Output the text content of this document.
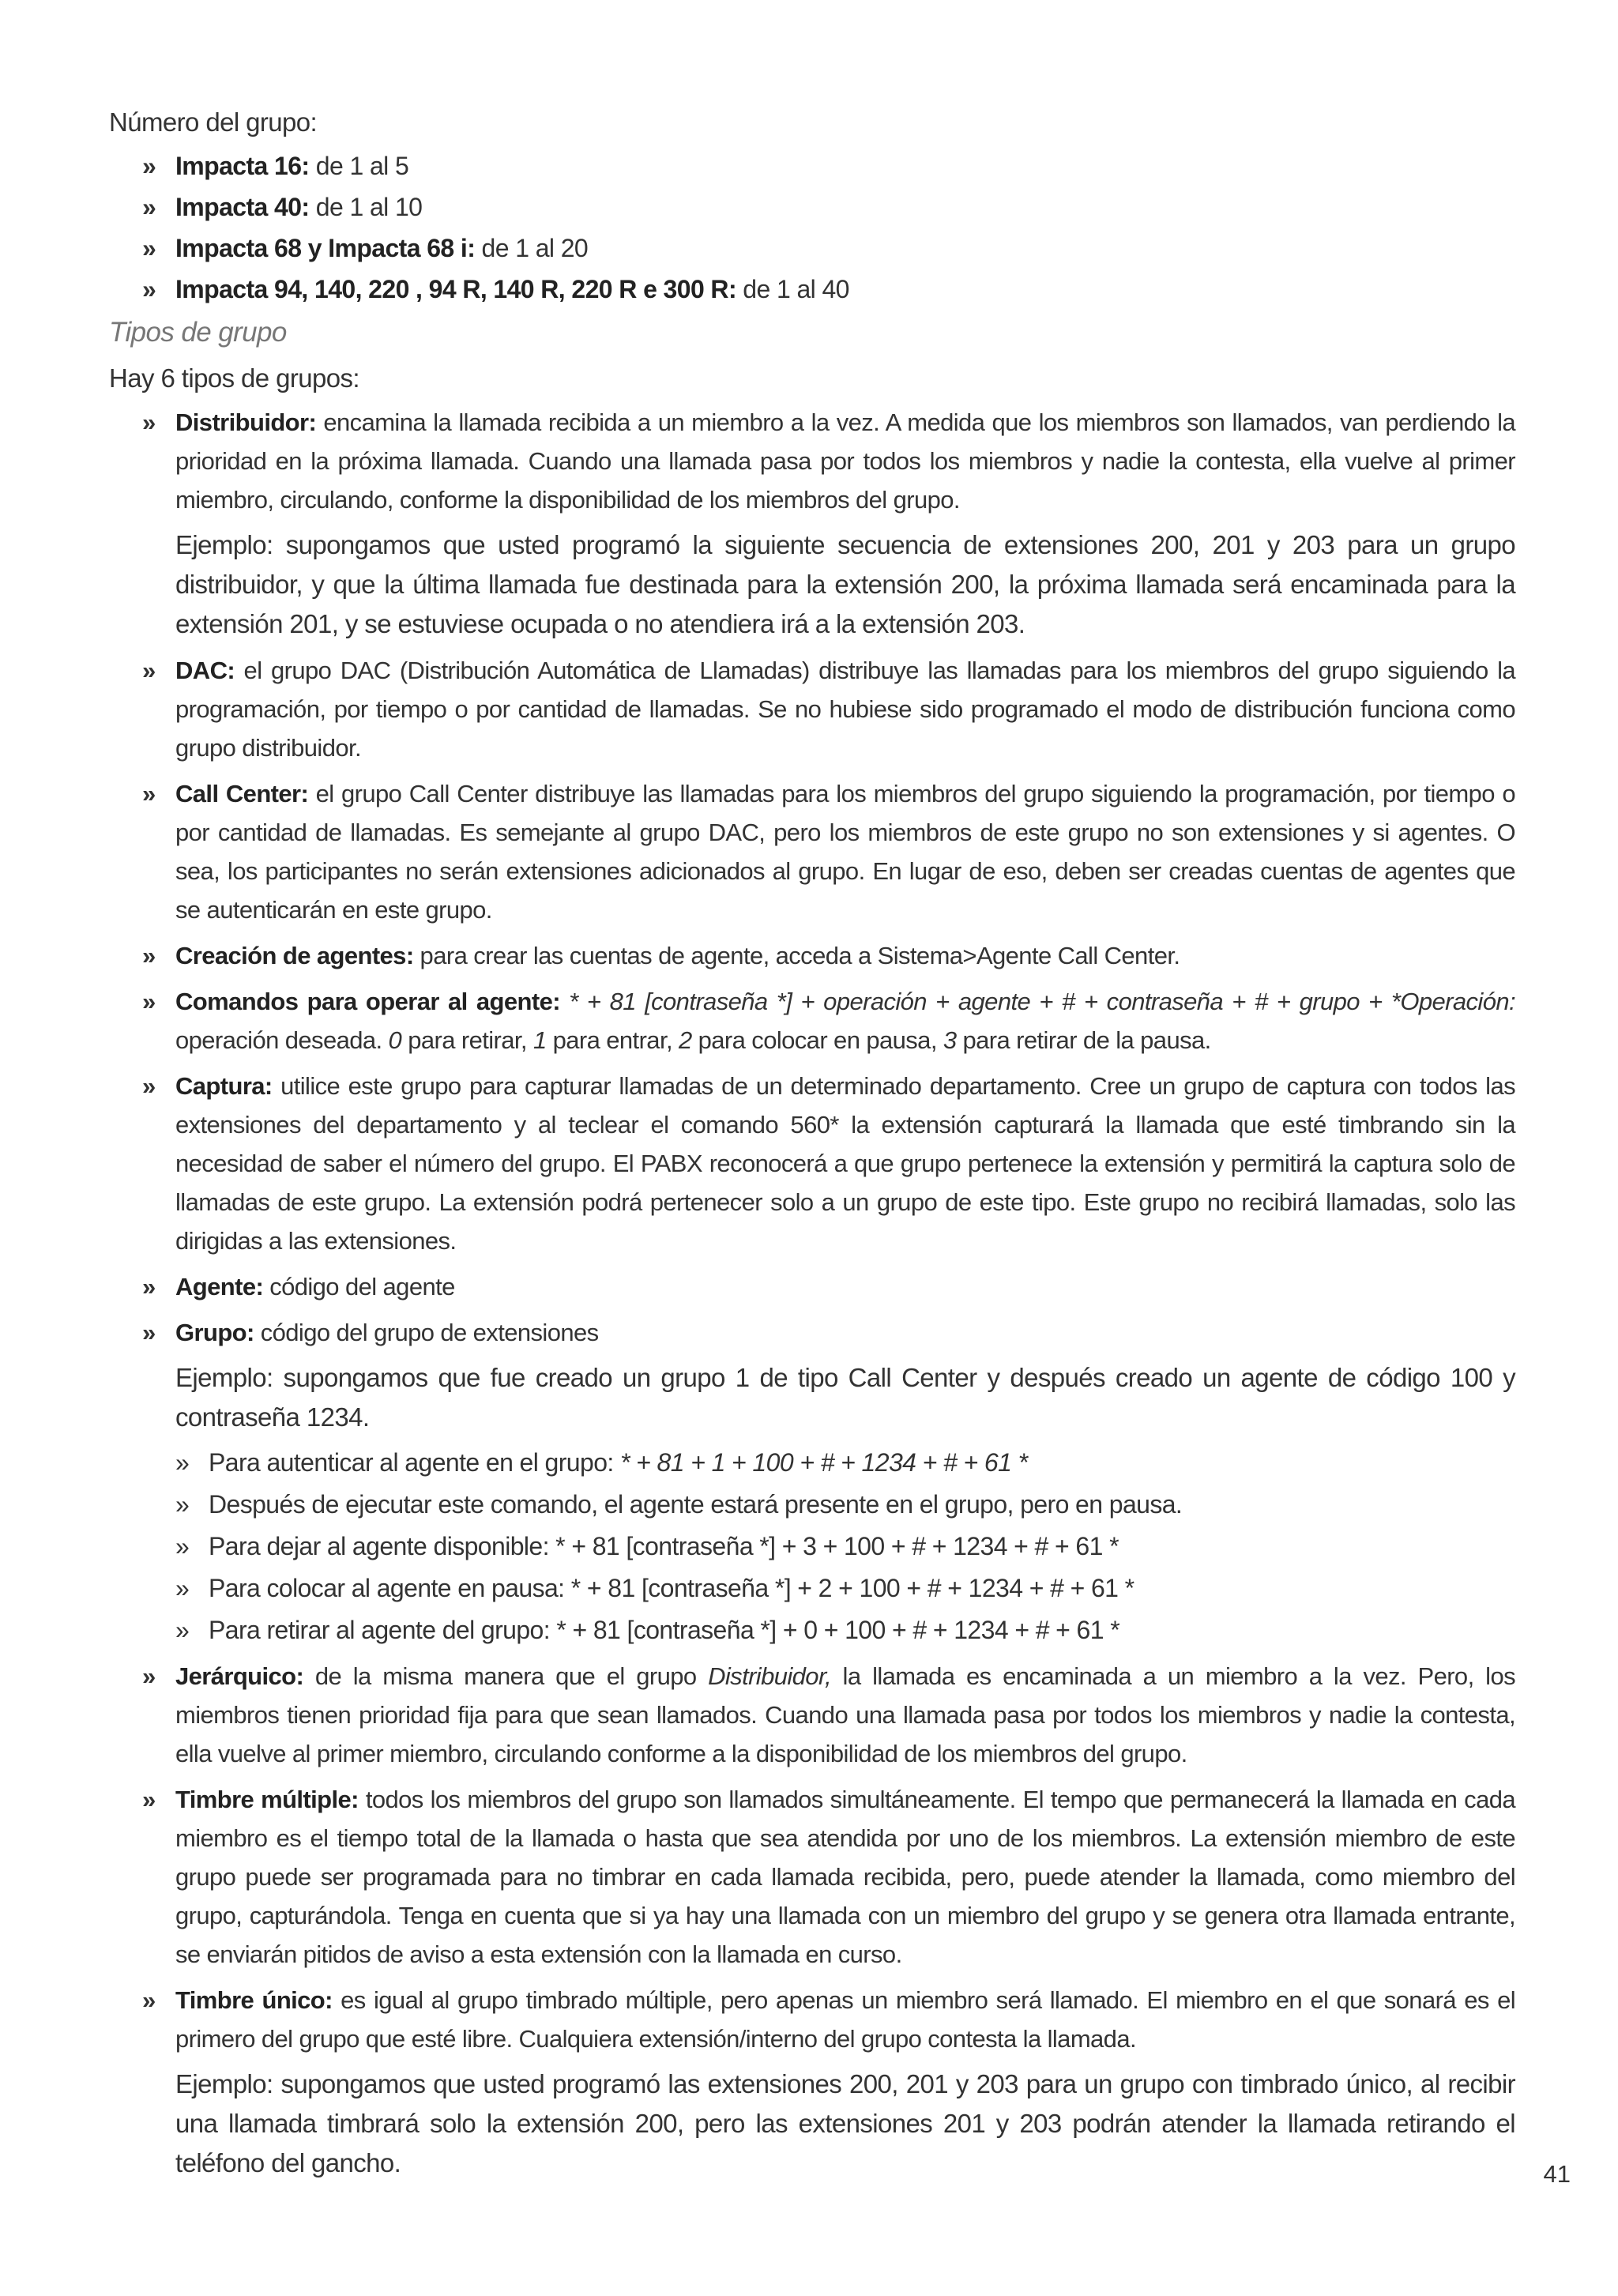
Número del grupo:

» Impacta 16: de 1 al 5
» Impacta 40: de 1 al 10
» Impacta 68 y Impacta 68 i: de 1 al 20
» Impacta 94, 140, 220 , 94 R, 140 R, 220 R e 300 R: de 1 al 40

Tipos de grupo

Hay 6 tipos de grupos:

» Distribuidor: encamina la llamada recibida a un miembro a la vez. A medida que los miembros son llamados, van perdiendo la prioridad en la próxima llamada. Cuando una llamada pasa por todos los miembros y nadie la contesta, ella vuelve al primer miembro, circulando, conforme la disponibilidad de los miembros del grupo.
Ejemplo: supongamos que usted programó la siguiente secuencia de extensiones 200, 201 y 203 para un grupo distribuidor, y que la última llamada fue destinada para la extensión 200, la próxima llamada será encaminada para la extensión 201, y se estuviese ocupada o no atendiera irá a la extensión 203.
» DAC: el grupo DAC (Distribución Automática de Llamadas) distribuye las llamadas para los miembros del grupo siguiendo la programación, por tiempo o por cantidad de llamadas. Se no hubiese sido programado el modo de distribución funciona como grupo distribuidor.
» Call Center: el grupo Call Center distribuye las llamadas para los miembros del grupo siguiendo la programación, por tiempo o por cantidad de llamadas. Es semejante al grupo DAC, pero los miembros de este grupo no son extensiones y si agentes. O sea, los participantes no serán extensiones adicionados al grupo. En lugar de eso, deben ser creadas cuentas de agentes que se autenticarán en este grupo.
» Creación de agentes: para crear las cuentas de agente, acceda a Sistema>Agente Call Center.
» Comandos para operar al agente: * + 81 [contraseña *] + operación + agente + # + contraseña + # + grupo + *Operación: operación deseada. 0 para retirar, 1 para entrar, 2 para colocar en pausa, 3 para retirar de la pausa.
» Captura: utilice este grupo para capturar llamadas de un determinado departamento. Cree un grupo de captura con todos las extensiones del departamento y al teclear el comando 560* la extensión capturará la llamada que esté timbrando sin la necesidad de saber el número del grupo. El PABX reconocerá a que grupo pertenece la extensión y permitirá la captura solo de llamadas de este grupo. La extensión podrá pertenecer solo a un grupo de este tipo. Este grupo no recibirá llamadas, solo las dirigidas a las extensiones.
» Agente: código del agente
» Grupo: código del grupo de extensiones
Ejemplo: supongamos que fue creado un grupo 1 de tipo Call Center y después creado un agente de código 100 y contraseña 1234.
» Para autenticar al agente en el grupo: * + 81 + 1 + 100 + # + 1234 + # + 61 *
» Después de ejecutar este comando, el agente estará presente en el grupo, pero en pausa.
» Para dejar al agente disponible: * + 81 [contraseña *] + 3 + 100 + # + 1234 + # + 61 *
» Para colocar al agente en pausa: * + 81 [contraseña *] + 2 + 100 + # + 1234 + # + 61 *
» Para retirar al agente del grupo: * + 81 [contraseña *] + 0 + 100 + # + 1234 + # + 61 *
» Jerárquico: de la misma manera que el grupo Distribuidor, la llamada es encaminada a un miembro a la vez. Pero, los miembros tienen prioridad fija para que sean llamados. Cuando una llamada pasa por todos los miembros y nadie la contesta, ella vuelve al primer miembro, circulando conforme a la disponibilidad de los miembros del grupo.
» Timbre múltiple: todos los miembros del grupo son llamados simultáneamente. El tempo que permanecerá la llamada en cada miembro es el tiempo total de la llamada o hasta que sea atendida por uno de los miembros. La extensión miembro de este grupo puede ser programada para no timbrar en cada llamada recibida, pero, puede atender la llamada, como miembro del grupo, capturándola. Tenga en cuenta que si ya hay una llamada con un miembro del grupo y se genera otra llamada entrante, se enviarán pitidos de aviso a esta extensión con la llamada en curso.
» Timbre único: es igual al grupo timbrado múltiple, pero apenas un miembro será llamado. El miembro en el que sonará es el primero del grupo que esté libre. Cualquiera extensión/interno del grupo contesta la llamada.
Ejemplo: supongamos que usted programó las extensiones 200, 201 y 203 para un grupo con timbrado único, al recibir una llamada timbrará solo la extensión 200, pero las extensiones 201 y 203 podrán atender la llamada retirando el teléfono del gancho.	41
